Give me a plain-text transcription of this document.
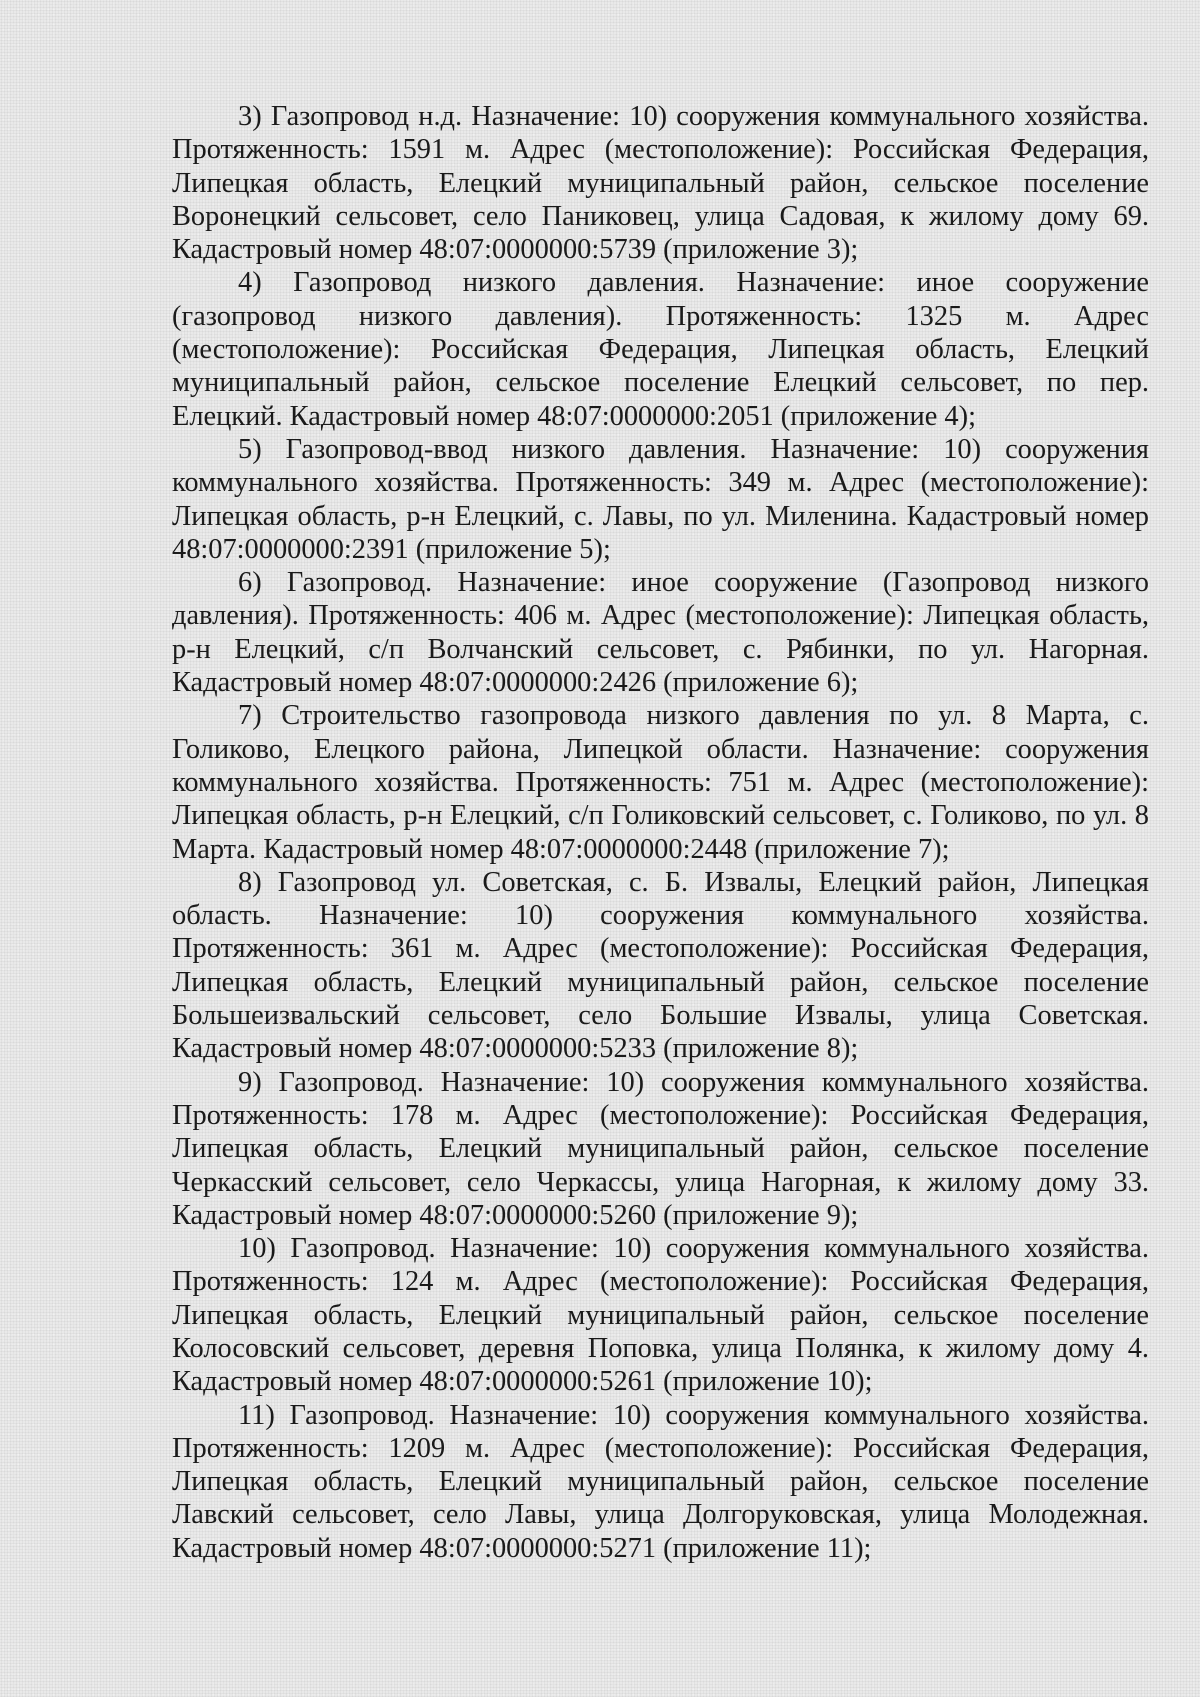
3) Газопровод н.д. Назначение: 10) сооружения коммунального хозяйства. Протяженность: 1591 м. Адрес (местоположение): Российская Федерация, Липецкая область, Елецкий муниципальный район, сельское поселение Воронецкий сельсовет, село Паниковец, улица Садовая, к жилому дому 69. Кадастровый номер 48:07:0000000:5739 (приложение 3);

4) Газопровод низкого давления. Назначение: иное сооружение (газопровод низкого давления). Протяженность: 1325 м. Адрес (местоположение): Российская Федерация, Липецкая область, Елецкий муниципальный район, сельское поселение Елецкий сельсовет, по пер. Елецкий. Кадастровый номер 48:07:0000000:2051 (приложение 4);

5) Газопровод-ввод низкого давления. Назначение: 10) сооружения коммунального хозяйства. Протяженность: 349 м. Адрес (местоположение): Липецкая область, р-н Елецкий, с. Лавы, по ул. Миленина. Кадастровый номер 48:07:0000000:2391 (приложение 5);

6) Газопровод. Назначение: иное сооружение (Газопровод низкого давления). Протяженность: 406 м. Адрес (местоположение): Липецкая область, р-н Елецкий, с/п Волчанский сельсовет, с. Рябинки, по ул. Нагорная. Кадастровый номер 48:07:0000000:2426 (приложение 6);

7) Строительство газопровода низкого давления по ул. 8 Марта, с. Голиково, Елецкого района, Липецкой области. Назначение: сооружения коммунального хозяйства. Протяженность: 751 м. Адрес (местоположение): Липецкая область, р-н Елецкий, с/п Голиковский сельсовет, с. Голиково, по ул. 8 Марта. Кадастровый номер 48:07:0000000:2448 (приложение 7);

8) Газопровод ул. Советская, с. Б. Извалы, Елецкий район, Липецкая область. Назначение: 10) сооружения коммунального хозяйства. Протяженность: 361 м. Адрес (местоположение): Российская Федерация, Липецкая область, Елецкий муниципальный район, сельское поселение Большеизвальский сельсовет, село Большие Извалы, улица Советская. Кадастровый номер 48:07:0000000:5233 (приложение 8);

9) Газопровод. Назначение: 10) сооружения коммунального хозяйства. Протяженность: 178 м. Адрес (местоположение): Российская Федерация, Липецкая область, Елецкий муниципальный район, сельское поселение Черкасский сельсовет, село Черкассы, улица Нагорная, к жилому дому 33. Кадастровый номер 48:07:0000000:5260 (приложение 9);

10) Газопровод. Назначение: 10) сооружения коммунального хозяйства. Протяженность: 124 м. Адрес (местоположение): Российская Федерация, Липецкая область, Елецкий муниципальный район, сельское поселение Колосовский сельсовет, деревня Поповка, улица Полянка, к жилому дому 4. Кадастровый номер 48:07:0000000:5261 (приложение 10);

11) Газопровод. Назначение: 10) сооружения коммунального хозяйства. Протяженность: 1209 м. Адрес (местоположение): Российская Федерация, Липецкая область, Елецкий муниципальный район, сельское поселение Лавский сельсовет, село Лавы, улица Долгоруковская, улица Молодежная. Кадастровый номер 48:07:0000000:5271 (приложение 11);
